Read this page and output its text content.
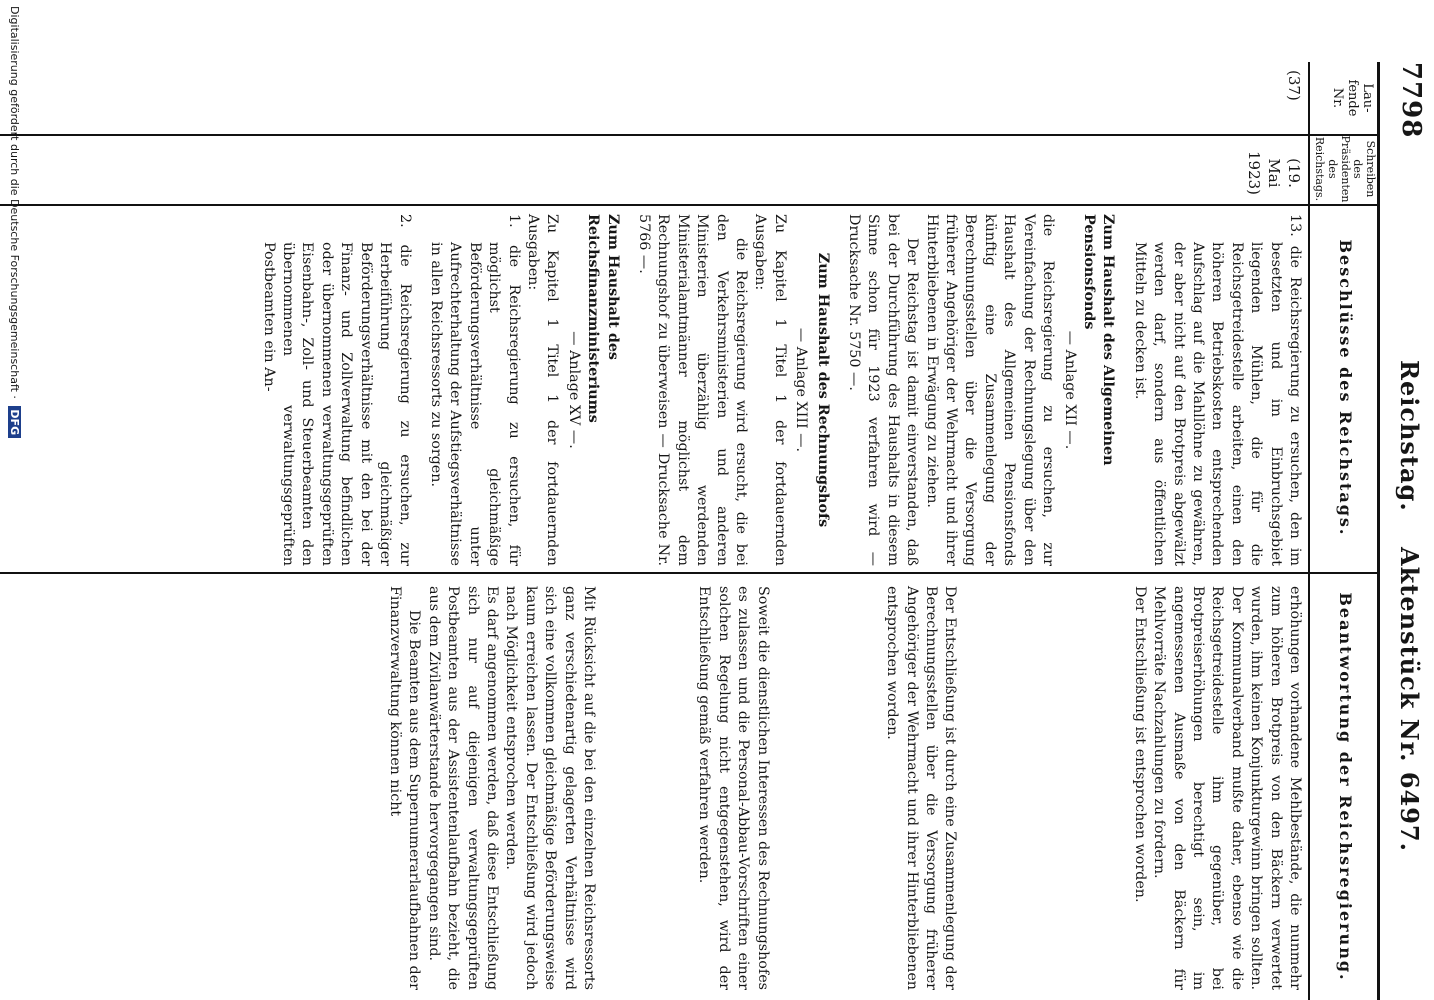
7798
Reichstag. Aktenstück Nr. 6497.
Lau-
fende
Nr.
Schreiben
des
Präsidenten
des
Reichstags.
Beschlüsse des Reichstags.
Beantwortung der Reichsregierung.
(37)
(19. Mai
1923)

13. die Reichsregierung zu ersuchen, den im besetzten und im Einbruchsgebiet liegenden Mühlen, die für die Reichsgetreidestelle arbeiten, einen den höheren Betriebskosten entsprechenden Aufschlag auf die Mahllöhne zu gewähren, der aber nicht auf den Brotpreis abgewälzt werden darf, sondern aus öffentlichen Mitteln zu decken ist.

Zum Haushalt des Allgemeinen Pensionsfonds

— Anlage XII —.

die Reichsregierung zu ersuchen, zur Vereinfachung der Rechnungslegung über den Haushalt des Allgemeinen Pensionsfonds künftig eine Zusammenlegung der Berechnungsstellen über die Versorgung früherer Angehöriger der Wehrmacht und ihrer Hinterbliebenen in Erwägung zu ziehen.

Der Reichstag ist damit einverstanden, daß bei der Durchführung des Haushalts in diesem Sinne schon für 1923 verfahren wird — Drucksache Nr. 5750 —.

Zum Haushalt des Rechnungshofs

— Anlage XIII —.

Zu Kapitel 1 Titel 1 der fortdauernden Ausgaben:

die Reichsregierung wird ersucht, die bei den Verkehrsministerien und anderen Ministerien überzählig werdenden Ministerialamtmänner möglichst dem Rechnungshof zu überweisen — Drucksache Nr. 5766 —.

Zum Haushalt des Reichsfinanzministeriums

— Anlage XV —.

Zu Kapitel 1 Titel 1 der fortdauernden Ausgaben:

1. die Reichsregierung zu ersuchen, für möglichst gleichmäßige Beförderungsverhältnisse unter Aufrechterhaltung der Aufstiegsverhältnisse in allen Reichsressorts zu sorgen.

2. die Reichsregierung zu ersuchen, zur Herbeiführung gleichmäßiger Beförderungsverhältnisse mit den bei der Finanz- und Zollverwaltung befindlichen oder übernommenen verwaltungsgeprüften Eisenbahn-, Zoll- und Steuerbeamten den übernommenen verwaltungsgeprüften Postbeamten ein An-

erhöhungen vorhandene Mehlbestände, die nunmehr zum höheren Brotpreis von den Bäckern verwertet wurden, ihm keinen Konjunkturgewinn bringen sollten. Der Kommunalverband mußte daher, ebenso wie die Reichsgetreidestelle ihm gegenüber, bei Brotpreiserhöhungen berechtigt sein, im angemessenen Ausmaße von den Bäckern für Mehlvorräte Nachzahlungen zu fordern.

Der Entschließung ist entsprochen worden.

Der Entschließung ist durch eine Zusammenlegung der Berechnungsstellen über die Versorgung früherer Angehöriger der Wehrmacht und ihrer Hinterbliebenen entsprochen worden.

Soweit die dienstlichen Interessen des Rechnungshofes es zulassen und die Personal-Abbau-Vorschriften einer solchen Regelung nicht entgegenstehen, wird der Entschließung gemäß verfahren werden.

Mit Rücksicht auf die bei den einzelnen Reichsressorts ganz verschiedenartig gelagerten Verhältnisse wird sich eine vollkommen gleichmäßige Beförderungsweise kaum erreichen lassen. Der Entschließung wird jedoch nach Möglichkeit entsprochen werden.

Es darf angenommen werden, daß diese Entschließung sich nur auf diejenigen verwaltungsgeprüften Postbeamten aus der Assistentenlaufbahn bezieht, die aus dem Zivilanwärterstande hervorgegangen sind.

Die Beamten aus dem Supernumerarlaufbahnen der Finanzverwaltung können nicht

Digitalisierung gefördert durch die Deutsche Forschungsgemeinschaft · DFG
